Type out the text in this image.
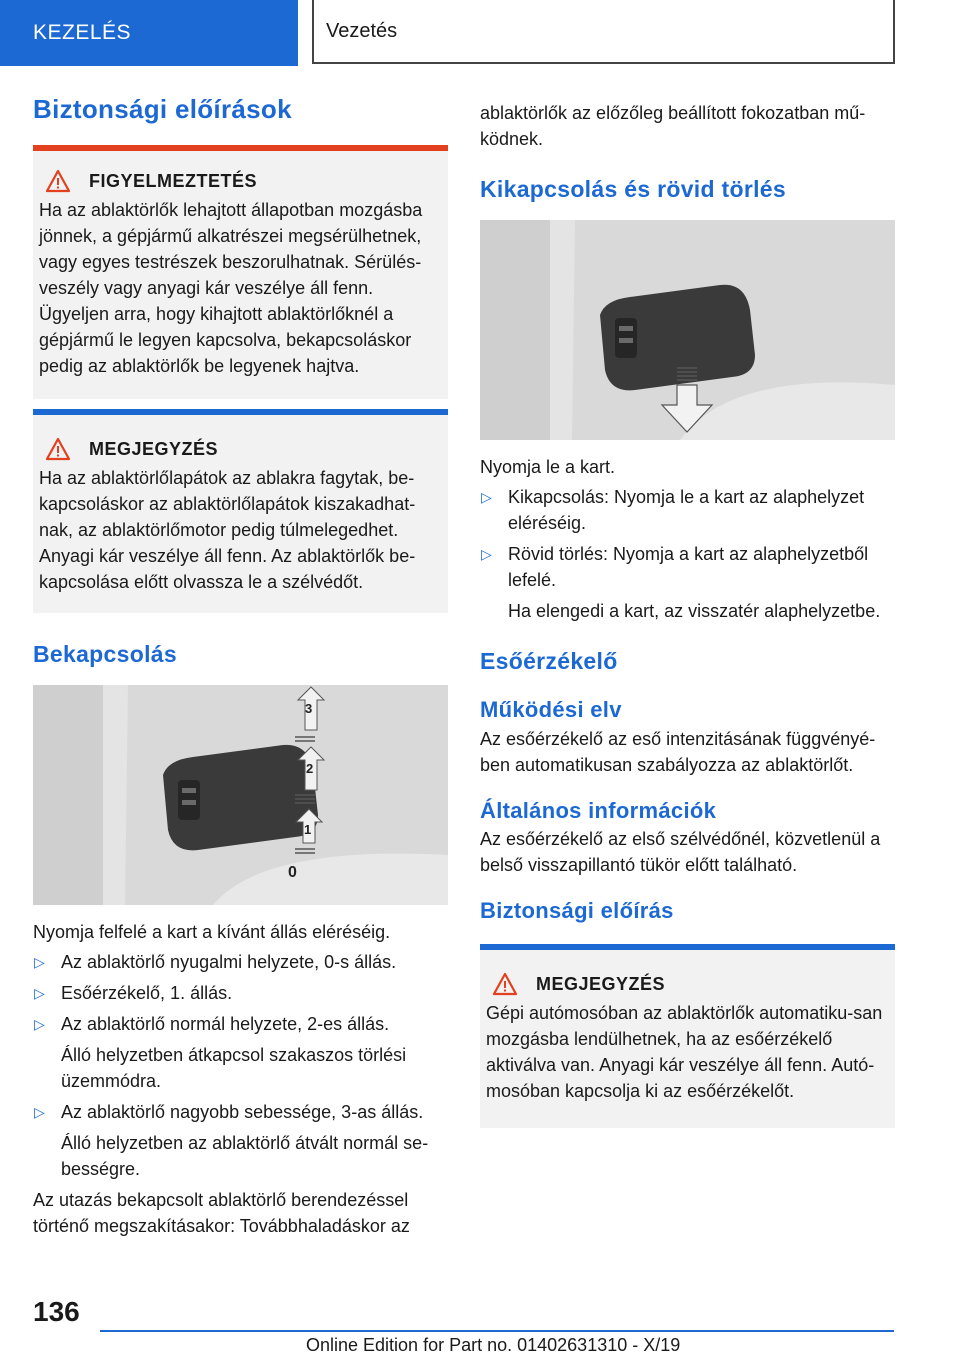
KEZELÉS	Vezetés
Biztonsági előírások
FIGYELMEZTETÉS

Ha az ablaktörlők lehajtott állapotban mozgásba jönnek, a gépjármű alkatrészei megsérülhetnek, vagy egyes testrészek beszorulhatnak. Sérülés-veszély vagy anyagi kár veszélye áll fenn. Ügyeljen arra, hogy kihajtott ablaktörlőknél a gépjármű le legyen kapcsolva, bekapcsoláskor pedig az ablaktörlők be legyenek hajtva.

MEGJEGYZÉS

Ha az ablaktörlőlapátok az ablakra fagytak, be-kapcsoláskor az ablaktörlőlapátok kiszakadhat-nak, az ablaktörlőmotor pedig túlmelegedhet. Anyagi kár veszélye áll fenn. Az ablaktörlők be-kapcsolása előtt olvassza le a szélvédőt.

Bekapcsolás
3
2
1
0

Nyomja felfelé a kart a kívánt állás eléréséig.

▷ Az ablaktörlő nyugalmi helyzete, 0-s állás.
▷ Esőérzékelő, 1. állás.
▷ Az ablaktörlő normál helyzete, 2-es állás.
Álló helyzetben átkapcsol szakaszos törlési üzemmódra.
▷ Az ablaktörlő nagyobb sebessége, 3-as állás.
Álló helyzetben az ablaktörlő átvált normál se-bességre.

Az utazás bekapcsolt ablaktörlő berendezéssel történő megszakításakor: Továbbhaladáskor az

ablaktörlők az előzőleg beállított fokozatban mű-ködnek.

Kikapcsolás és rövid törlés

Nyomja le a kart.

▷ Kikapcsolás: Nyomja le a kart az alaphelyzet eléréséig.
▷ Rövid törlés: Nyomja a kart az alaphelyzetből lefelé.
Ha elengedi a kart, az visszatér alaphelyzetbe.
Esőérzékelő
Működési elv

Az esőérzékelő az eső intenzitásának függvényé-ben automatikusan szabályozza az ablaktörlőt.

Általános információk

Az esőérzékelő az első szélvédőnél, közvetlenül a belső visszapillantó tükör előtt található.

Biztonsági előírás
MEGJEGYZÉS

Gépi autómosóban az ablaktörlők automatiku-san mozgásba lendülhetnek, ha az esőérzékelő aktiválva van. Anyagi kár veszélye áll fenn. Autó-mosóban kapcsolja ki az esőérzékelőt.

136
Online Edition for Part no. 01402631310 - X/19
